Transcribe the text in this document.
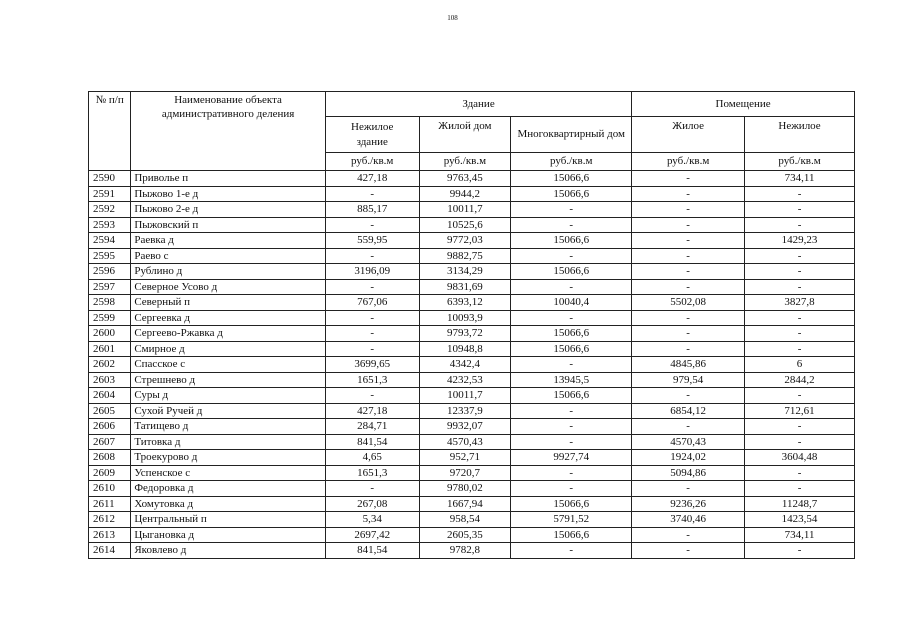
108
№ п/п	Наименование объекта административного деления	Здание			Помещение	

		Нежилое здание	Жилой дом	Многоквартирный дом	Жилое	Нежилое
		руб./кв.м	руб./кв.м	руб./кв.м	руб./кв.м	руб./кв.м
2590	Приволье п	427,18	9763,45	15066,6	-	734,11
2591	Пыжово 1-е д	-	9944,2	15066,6	-	-
2592	Пыжово 2-е д	885,17	10011,7	-	-	-
2593	Пыжовский п	-	10525,6	-	-	-
2594	Раевка д	559,95	9772,03	15066,6	-	1429,23
2595	Раево с	-	9882,75	-	-	-
2596	Рублино д	3196,09	3134,29	15066,6	-	-
2597	Северное Усово д	-	9831,69	-	-	-
2598	Северный п	767,06	6393,12	10040,4	5502,08	3827,8
2599	Сергеевка д	-	10093,9	-	-	-
2600	Сергеево-Ржавка д	-	9793,72	15066,6	-	-
2601	Смирное д	-	10948,8	15066,6	-	-
2602	Спасское с	3699,65	4342,4	-	4845,86	6
2603	Стрешнево д	1651,3	4232,53	13945,5	979,54	2844,2
2604	Суры д	-	10011,7	15066,6	-	-
2605	Сухой Ручей д	427,18	12337,9	-	6854,12	712,61
2606	Татищево д	284,71	9932,07	-	-	-
2607	Титовка д	841,54	4570,43	-	4570,43	-
2608	Троекурово д	4,65	952,71	9927,74	1924,02	3604,48
2609	Успенское с	1651,3	9720,7	-	5094,86	-
2610	Федоровка д	-	9780,02	-	-	-
2611	Хомутовка д	267,08	1667,94	15066,6	9236,26	11248,7
2612	Центральный п	5,34	958,54	5791,52	3740,46	1423,54
2613	Цыгановка д	2697,42	2605,35	15066,6	-	734,11
2614	Яковлево д	841,54	9782,8	-	-	-
